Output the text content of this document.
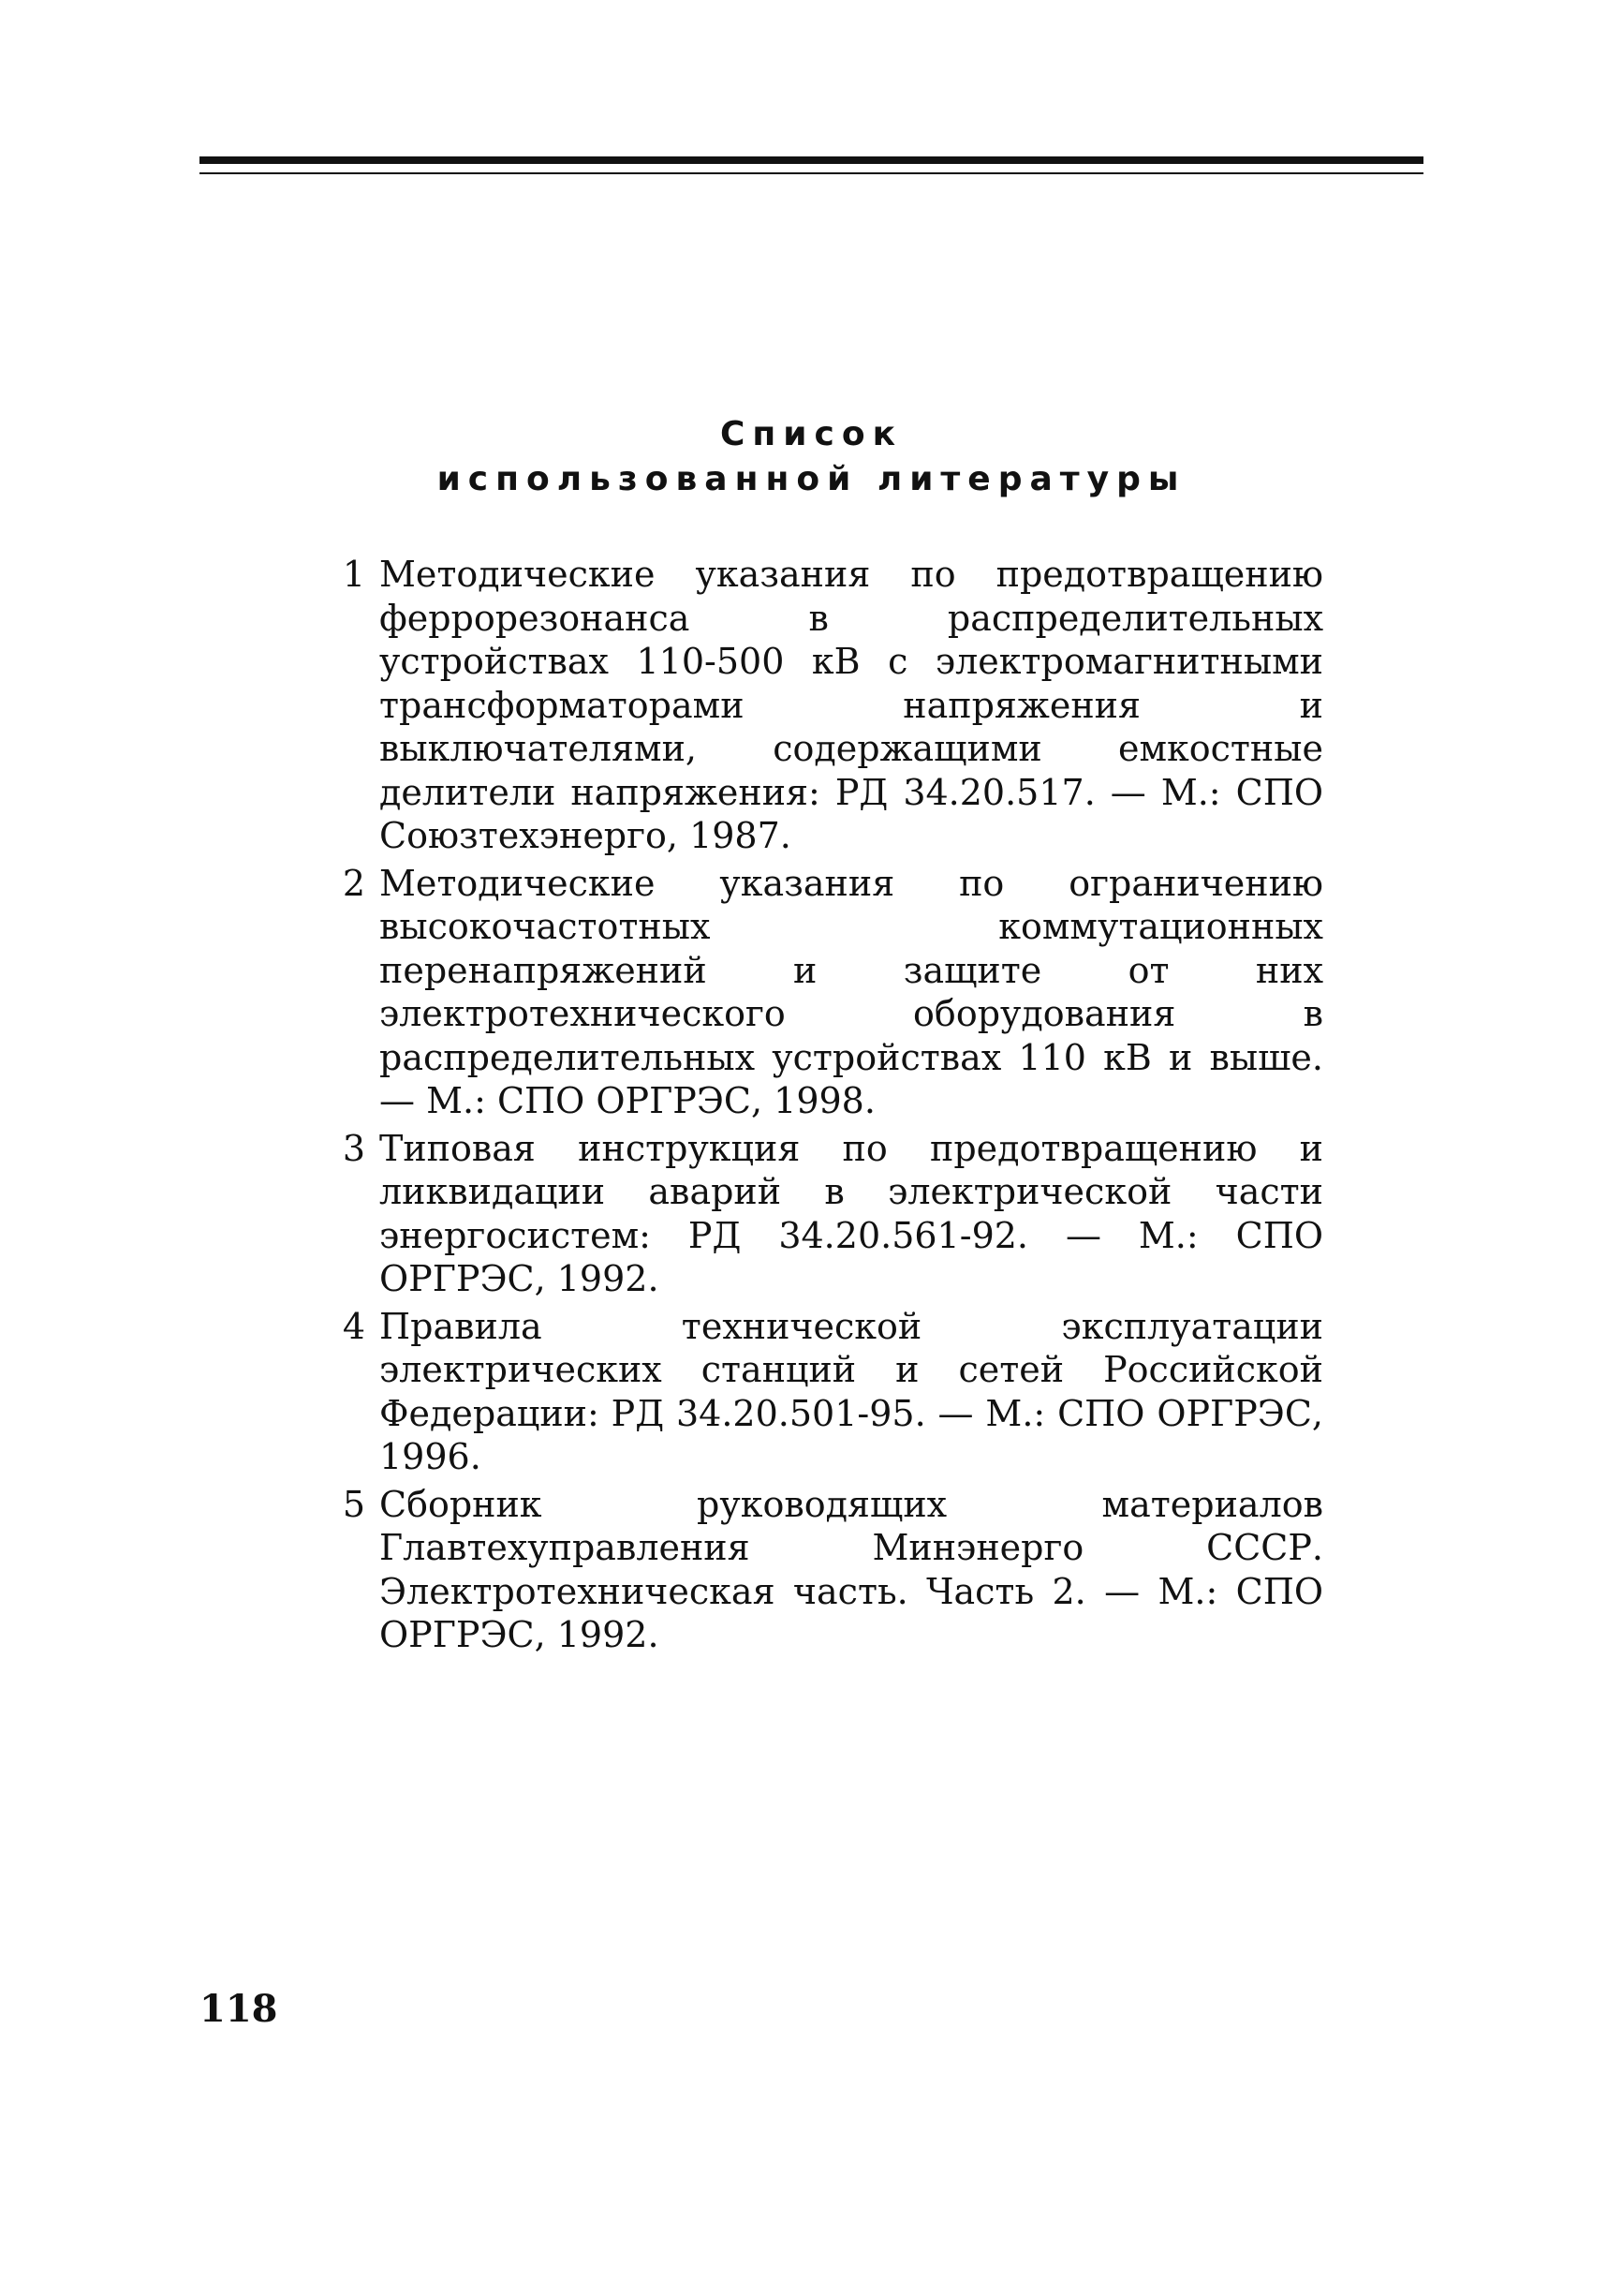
Список
использованной литературы
1 Методические указания по предотвращению феррорезонанса в распределительных устройствах 110-500 кВ с электромагнитными трансформаторами напряжения и выключателями, содержащими емкостные делители напряжения: РД 34.20.517. — М.: СПО Союзтехэнерго, 1987.
2 Методические указания по ограничению высокочастотных коммутационных перенапряжений и защите от них электротехнического оборудования в распределительных устройствах 110 кВ и выше. — М.: СПО ОРГРЭС, 1998.
3 Типовая инструкция по предотвращению и ликвидации аварий в электрической части энергосистем: РД 34.20.561-92. — М.: СПО ОРГРЭС, 1992.
4 Правила технической эксплуатации электрических станций и сетей Российской Федерации: РД 34.20.501-95. — М.: СПО ОРГРЭС, 1996.
5 Сборник руководящих материалов Главтехуправления Минэнерго СССР. Электротехническая часть. Часть 2. — М.: СПО ОРГРЭС, 1992.
118
